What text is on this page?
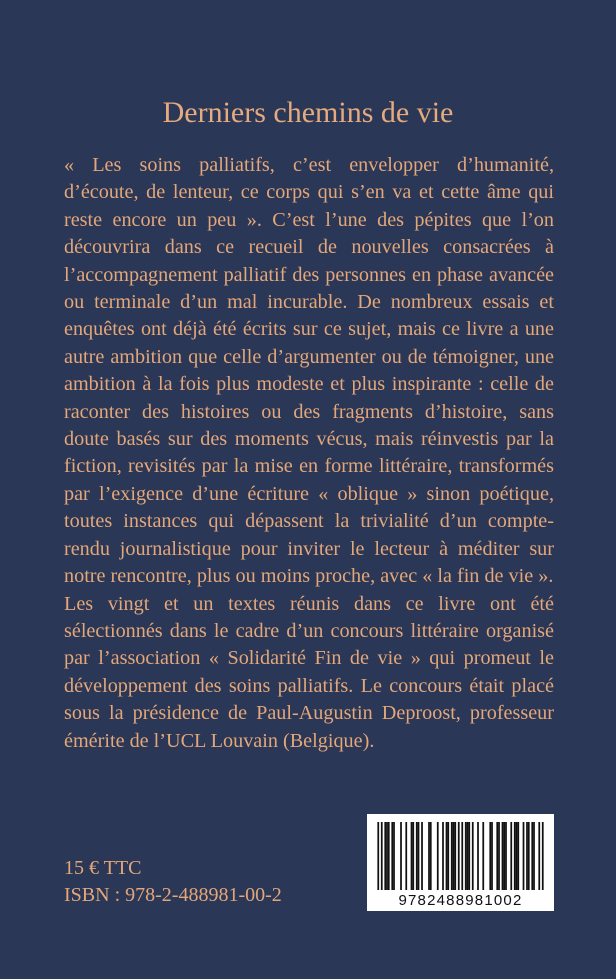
Derniers chemins de vie

« Les soins palliatifs, c’est envelopper d’humanité, d’écoute, de lenteur, ce corps qui s’en va et cette âme qui reste encore un peu ». C’est l’une des pépites que l’on découvrira dans ce recueil de nouvelles consacrées à l’accompagnement palliatif des personnes en phase avancée ou terminale d’un mal incurable. De nombreux essais et enquêtes ont déjà été écrits sur ce sujet, mais ce livre a une autre ambition que celle d’argumenter ou de témoigner, une ambition à la fois plus modeste et plus inspirante : celle de raconter des histoires ou des fragments d’histoire, sans doute basés sur des moments vécus, mais réinvestis par la fiction, revisités par la mise en forme littéraire, transformés par l’exigence d’une écriture « oblique » sinon poétique, toutes instances qui dépassent la trivialité d’un compte-rendu journalistique pour inviter le lecteur à méditer sur notre rencontre, plus ou moins proche, avec « la fin de vie ».

Les vingt et un textes réunis dans ce livre ont été sélectionnés dans le cadre d’un concours littéraire organisé par l’association « Solidarité Fin de vie » qui promeut le développement des soins palliatifs. Le concours était placé sous la présidence de Paul-Augustin Deproost, professeur émérite de l’UCL Louvain (Belgique).

15 € TTC
ISBN : 978-2-488981-00-2	9782488981002
